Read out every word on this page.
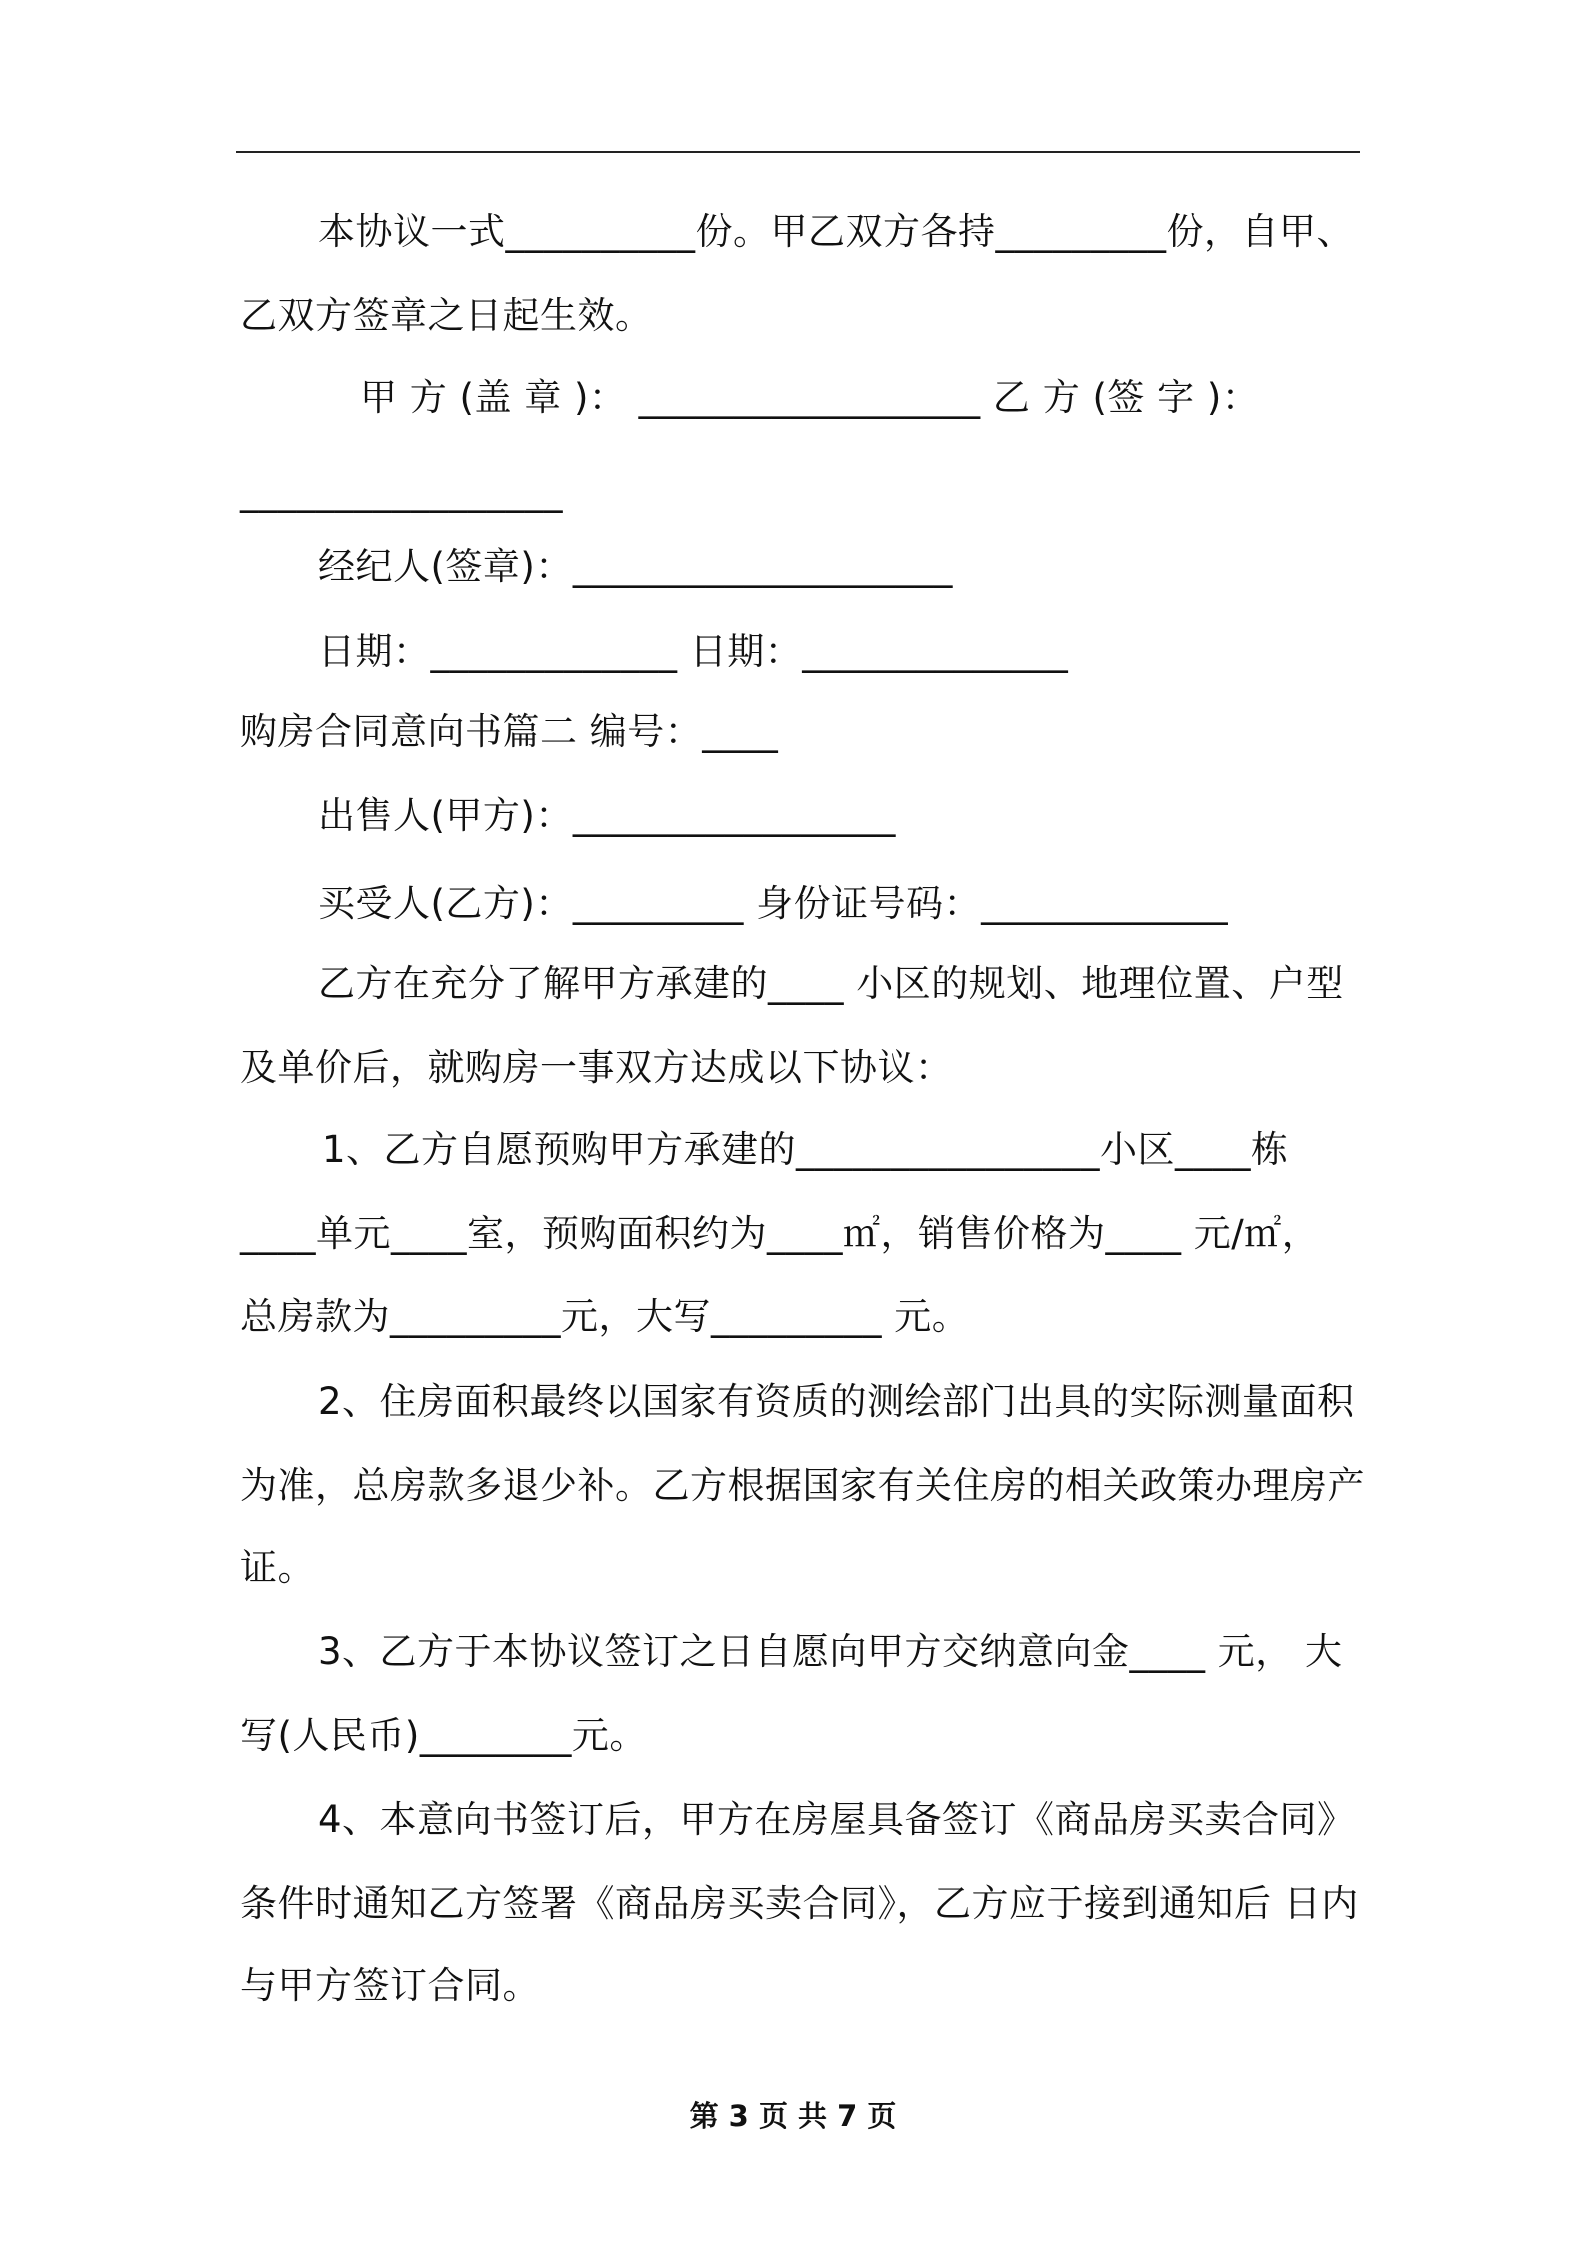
本协议一式__________份。甲乙双方各持_________份，自甲、
乙双方签章之日起生效。
甲 方 (盖 章 )： __________________ 乙 方 (签 字 )：
_________________
经纪人(签章)：____________________
日期：_____________ 日期：______________
购房合同意向书篇二 编号：____
出售人(甲方)：_________________
买受人(乙方)：_________ 身份证号码：_____________
乙方在充分了解甲方承建的____ 小区的规划、地理位置、户型
及单价后，就购房一事双方达成以下协议：
1、乙方自愿预购甲方承建的________________小区____栋
____单元____室，预购面积约为____㎡，销售价格为____ 元/㎡，
总房款为_________元，大写_________ 元。
2、住房面积最终以国家有资质的测绘部门出具的实际测量面积
为准，总房款多退少补。乙方根据国家有关住房的相关政策办理房产
证。
3、乙方于本协议签订之日自愿向甲方交纳意向金____ 元， 大
写(人民币)________元。
4、本意向书签订后，甲方在房屋具备签订《商品房买卖合同》
条件时通知乙方签署《商品房买卖合同》，乙方应于接到通知后 日内
与甲方签订合同。
第 3 页 共 7 页
